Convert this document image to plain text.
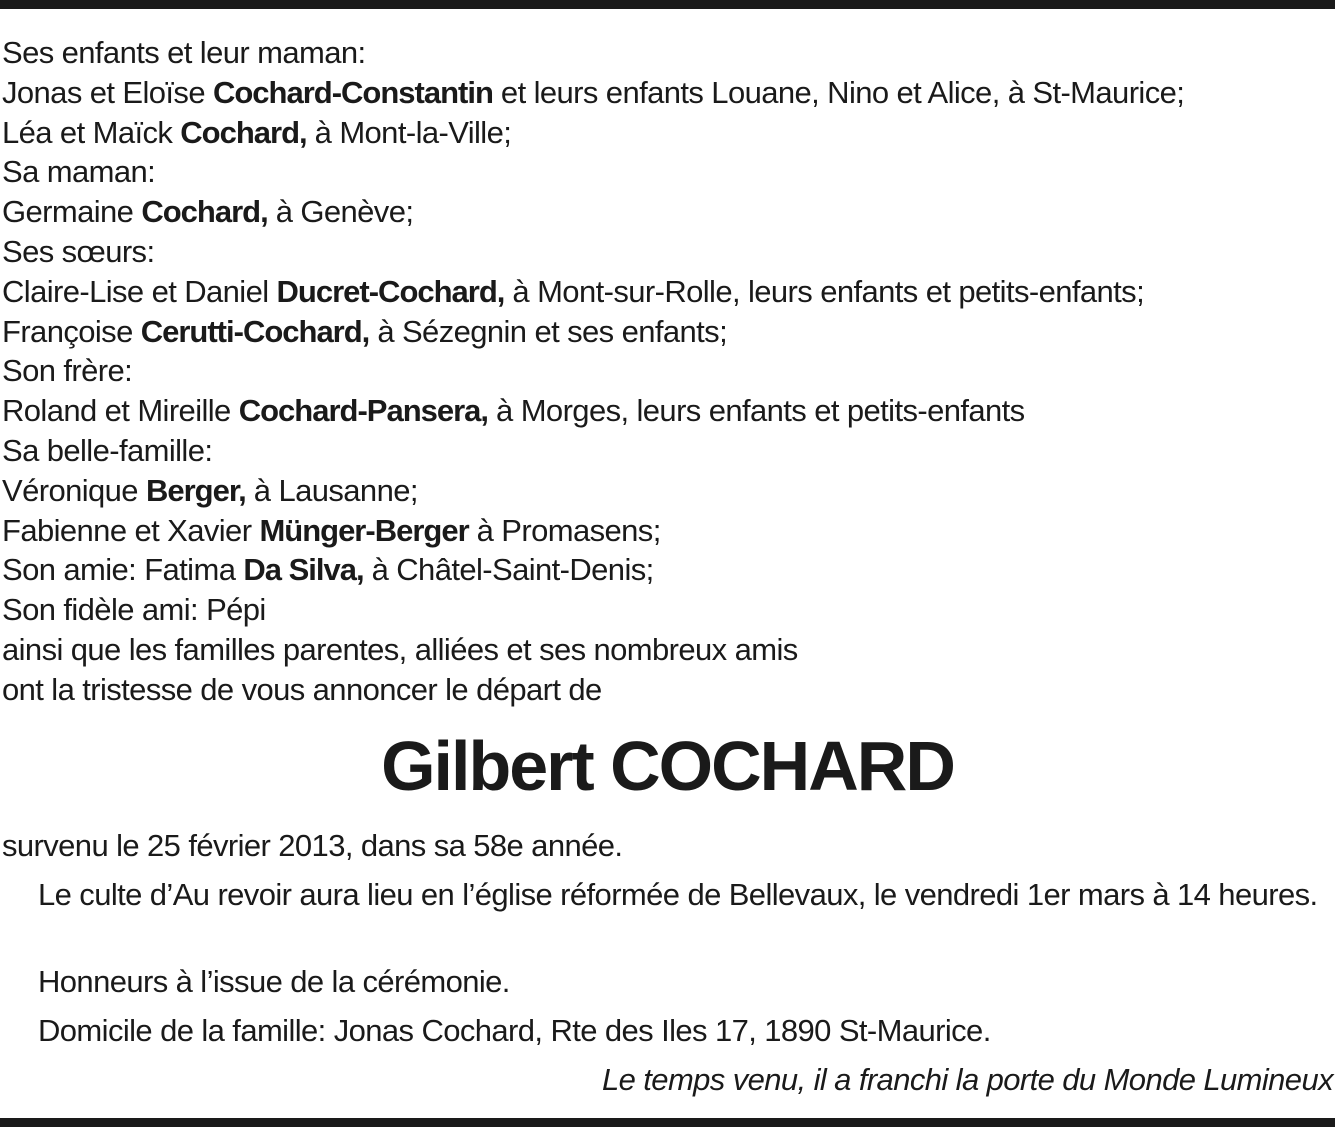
Ses enfants et leur maman:
Jonas et Eloïse Cochard-Constantin et leurs enfants Louane, Nino et Alice, à St-Maurice;
Léa et Maïck Cochard, à Mont-la-Ville;
Sa maman:
Germaine Cochard, à Genève;
Ses sœurs:
Claire-Lise et Daniel Ducret-Cochard, à Mont-sur-Rolle, leurs enfants et petits-enfants;
Françoise Cerutti-Cochard, à Sézegnin et ses enfants;
Son frère:
Roland et Mireille Cochard-Pansera, à Morges, leurs enfants et petits-enfants
Sa belle-famille:
Véronique Berger, à Lausanne;
Fabienne et Xavier Münger-Berger à Promasens;
Son amie: Fatima Da Silva, à Châtel-Saint-Denis;
Son fidèle ami: Pépi
ainsi que les familles parentes, alliées et ses nombreux amis
ont la tristesse de vous annoncer le départ de
Gilbert COCHARD
survenu le 25 février 2013, dans sa 58e année.
Le culte d’Au revoir aura lieu en l’église réformée de Bellevaux, le vendredi 1er mars à 14 heures.
Honneurs à l’issue de la cérémonie.
Domicile de la famille: Jonas Cochard, Rte des Iles 17, 1890 St-Maurice.
Le temps venu, il a franchi la porte du Monde Lumineux
